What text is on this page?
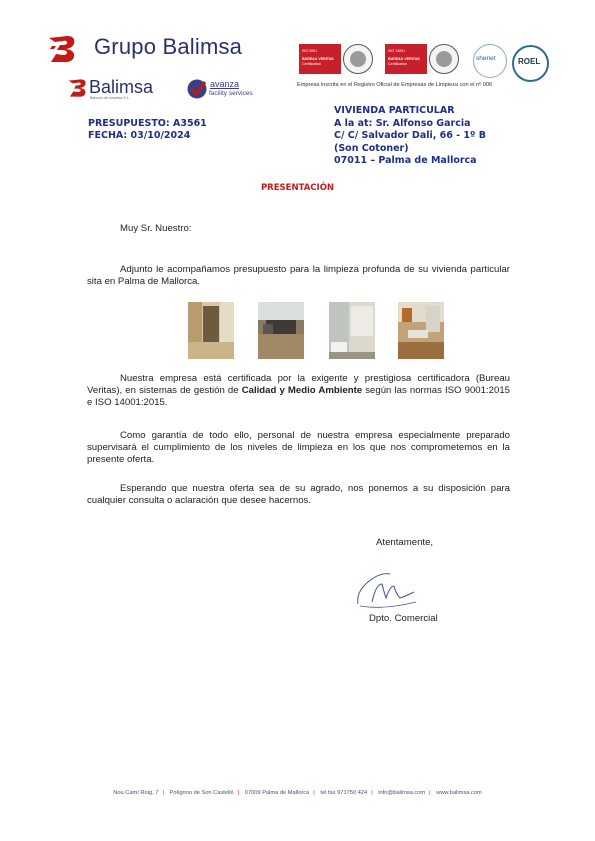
Grupo Balimsa
Balimsa
Balones de Limpieza S.L.
avanza
facility services
ISO 9001
BUREAU VERITAS
Certification
ISO 14001
BUREAU VERITAS
Certification
shenet	ROEL
Empresa inscrita en el Registro Oficial de Empresas de Limpieza con el nº 006
PRESUPUESTO: A3561
FECHA: 03/10/2024
VIVIENDA PARTICULAR
A la at: Sr. Alfonso Garcia
C/ C/ Salvador Dali, 66 - 1º B
(Son Cotoner)
07011 – Palma de Mallorca
PRESENTACIÓN
Muy Sr. Nuestro:
Adjunto le acompañamos presupuesto para la limpieza profunda de su vivienda particular sita en Palma de Mallorca.
Nuestra empresa está certificada por la exigente y prestigiosa certificadora (Bureau Veritas), en sistemas de gestión de Calidad y Medio Ambiente según las normas ISO 9001:2015 e ISO 14001:2015.
Como garantía de todo ello, personal de nuestra empresa especialmente preparado supervisará el cumplimiento de los niveles de limpieza en los que nos comprometemos en la presente oferta.
Esperando que nuestra oferta sea de su agrado, nos ponemos a su disposición para cualquier consulta o aclaración que desee hacernos.
Atentamente,
Dpto. Comercial
Nou Camí Roig, 7 | Polígono de Son Castelló | 07009 Palma de Mallorca | tel fax 971750 424 | info@balimsa.com | www.balimsa.com
